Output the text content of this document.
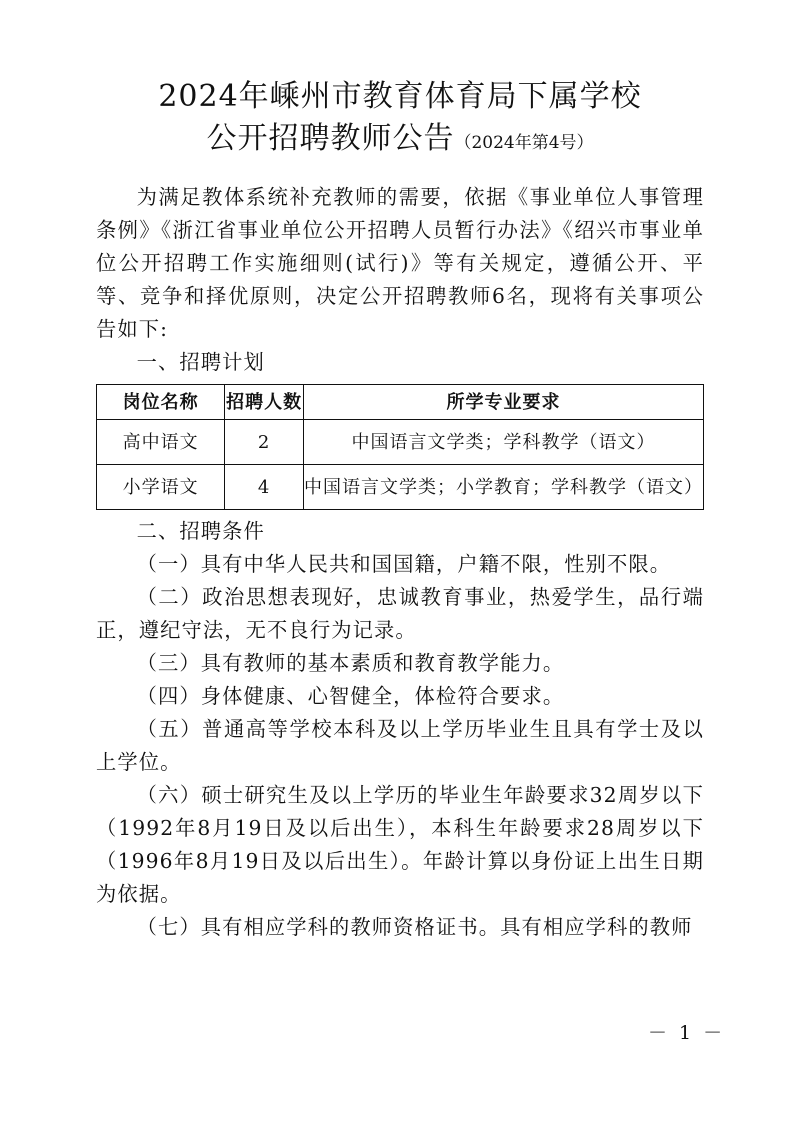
2024年嵊州市教育体育局下属学校
公开招聘教师公告（2024年第4号）

为满足教体系统补充教师的需要，依据《事业单位人事管理条例》《浙江省事业单位公开招聘人员暂行办法》《绍兴市事业单位公开招聘工作实施细则(试行)》等有关规定，遵循公开、平等、竞争和择优原则，决定公开招聘教师6名，现将有关事项公告如下:

一、招聘计划

岗位名称	招聘人数	所学专业要求
高中语文	2	中国语言文学类；学科教学（语文）
小学语文	4	中国语言文学类；小学教育；学科教学（语文）

二、招聘条件

（一）具有中华人民共和国国籍，户籍不限，性别不限。

（二）政治思想表现好，忠诚教育事业，热爱学生，品行端正，遵纪守法，无不良行为记录。

（三）具有教师的基本素质和教育教学能力。

（四）身体健康、心智健全，体检符合要求。

（五）普通高等学校本科及以上学历毕业生且具有学士及以上学位。

（六）硕士研究生及以上学历的毕业生年龄要求32周岁以下（1992年8月19日及以后出生），本科生年龄要求28周岁以下（1996年8月19日及以后出生）。年龄计算以身份证上出生日期为依据。

（七）具有相应学科的教师资格证书。具有相应学科的教师

－ 1 －
